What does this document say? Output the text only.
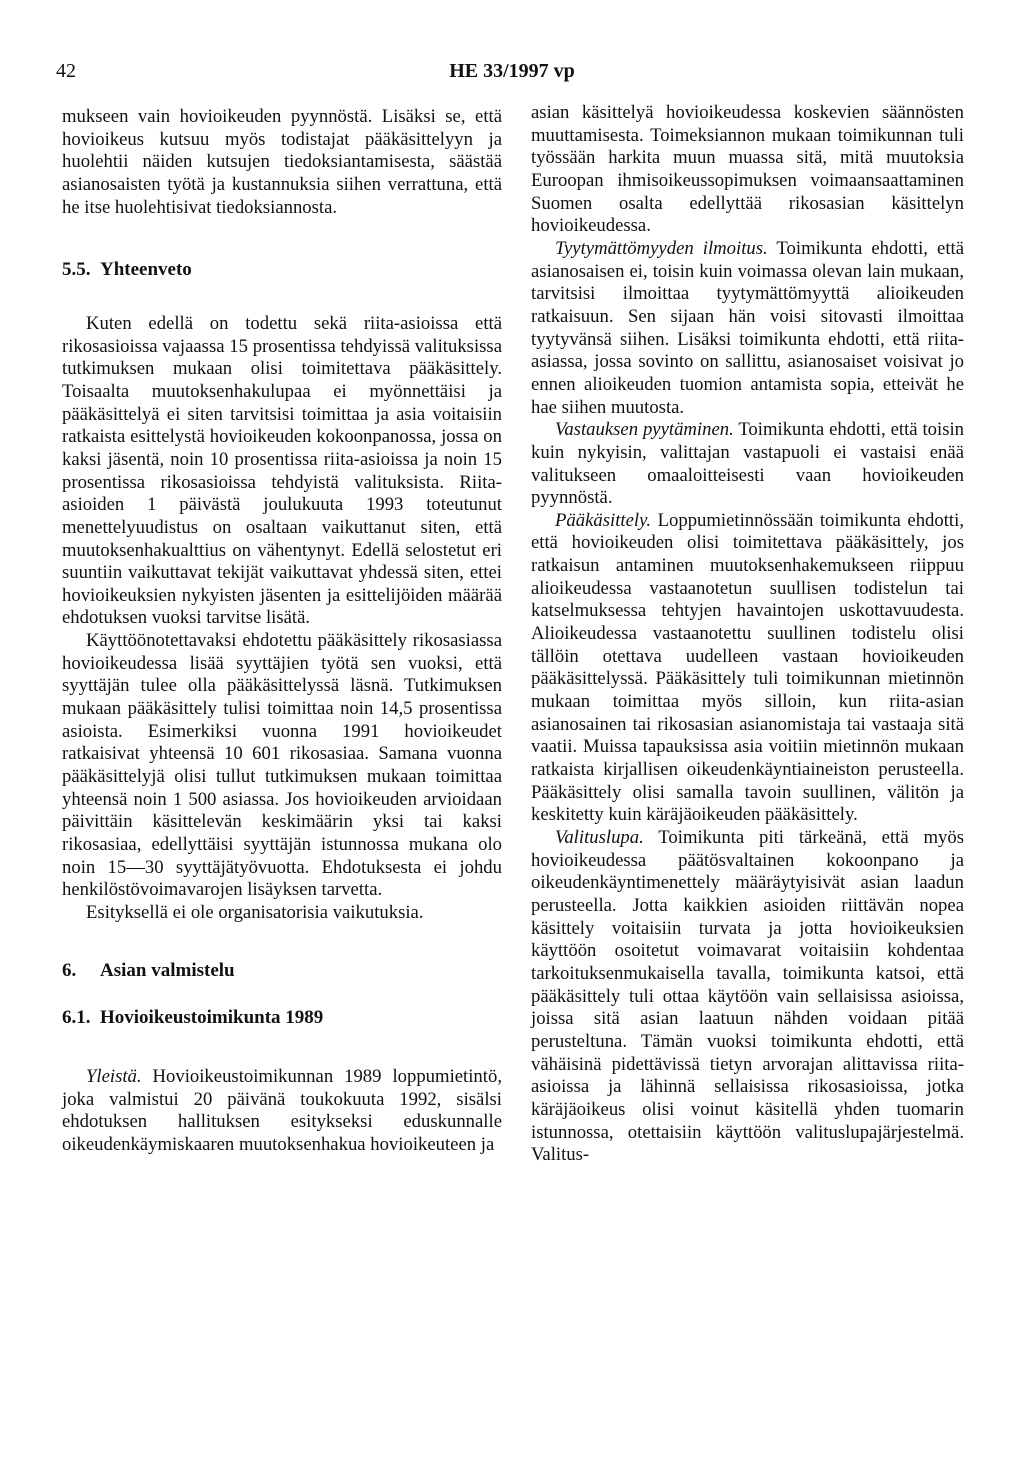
42	HE 33/1997 vp

mukseen vain hovioikeuden pyynnöstä. Lisäksi se, että hovioikeus kutsuu myös todistajat pääkäsittelyyn ja huolehtii näiden kutsujen tiedoksiantamisesta, säästää asianosaisten työtä ja kustannuksia siihen verrattuna, että he itse huolehtisivat tiedoksiannosta.

5.5. Yhteenveto

Kuten edellä on todettu sekä riita-asioissa että rikosasioissa vajaassa 15 prosentissa tehdyissä valituksissa tutkimuksen mukaan olisi toimitettava pääkäsittely. Toisaalta muutoksenhakulupaa ei myönnettäisi ja pääkäsittelyä ei siten tarvitsisi toimittaa ja asia voitaisiin ratkaista esittelystä hovioikeuden kokoonpanossa, jossa on kaksi jäsentä, noin 10 prosentissa riita-asioissa ja noin 15 prosentissa rikosasioissa tehdyistä valituksista. Riita-asioiden 1 päivästä joulukuuta 1993 toteutunut menettelyuudistus on osaltaan vaikuttanut siten, että muutoksenhakualttius on vähentynyt. Edellä selostetut eri suuntiin vaikuttavat tekijät vaikuttavat yhdessä siten, ettei hovioikeuksien nykyisten jäsenten ja esittelijöiden määrää ehdotuksen vuoksi tarvitse lisätä.

Käyttöönotettavaksi ehdotettu pääkäsittely rikosasiassa hovioikeudessa lisää syyttäjien työtä sen vuoksi, että syyttäjän tulee olla pääkäsittelyssä läsnä. Tutkimuksen mukaan pääkäsittely tulisi toimittaa noin 14,5 prosentissa asioista. Esimerkiksi vuonna 1991 hovioikeudet ratkaisivat yhteensä 10 601 rikosasiaa. Samana vuonna pääkäsittelyjä olisi tullut tutkimuksen mukaan toimittaa yhteensä noin 1 500 asiassa. Jos hovioikeuden arvioidaan päivittäin käsittelevän keskimäärin yksi tai kaksi rikosasiaa, edellyttäisi syyttäjän istunnossa mukana olo noin 15—30 syyttäjätyövuotta. Ehdotuksesta ei johdu henkilöstövoimavarojen lisäyksen tarvetta.

Esityksellä ei ole organisatorisia vaikutuksia.

6. Asian valmistelu

6.1. Hovioikeustoimikunta 1989

Yleistä. Hovioikeustoimikunnan 1989 loppumietintö, joka valmistui 20 päivänä toukokuuta 1992, sisälsi ehdotuksen hallituksen esitykseksi eduskunnalle oikeudenkäymiskaaren muutoksenhakua hovioikeuteen ja

asian käsittelyä hovioikeudessa koskevien säännösten muuttamisesta. Toimeksiannon mukaan toimikunnan tuli työssään harkita muun muassa sitä, mitä muutoksia Euroopan ihmisoikeussopimuksen voimaansaattaminen Suomen osalta edellyttää rikosasian käsittelyn hovioikeudessa.

Tyytymättömyyden ilmoitus. Toimikunta ehdotti, että asianosaisen ei, toisin kuin voimassa olevan lain mukaan, tarvitsisi ilmoittaa tyytymättömyyttä alioikeuden ratkaisuun. Sen sijaan hän voisi sitovasti ilmoittaa tyytyvänsä siihen. Lisäksi toimikunta ehdotti, että riita-asiassa, jossa sovinto on sallittu, asianosaiset voisivat jo ennen alioikeuden tuomion antamista sopia, etteivät he hae siihen muutosta.

Vastauksen pyytäminen. Toimikunta ehdotti, että toisin kuin nykyisin, valittajan vastapuoli ei vastaisi enää valitukseen omaaloitteisesti vaan hovioikeuden pyynnöstä.

Pääkäsittely. Loppumietinnössään toimikunta ehdotti, että hovioikeuden olisi toimitettava pääkäsittely, jos ratkaisun antaminen muutoksenhakemukseen riippuu alioikeudessa vastaanotetun suullisen todistelun tai katselmuksessa tehtyjen havaintojen uskottavuudesta. Alioikeudessa vastaanotettu suullinen todistelu olisi tällöin otettava uudelleen vastaan hovioikeuden pääkäsittelyssä. Pääkäsittely tuli toimikunnan mietinnön mukaan toimittaa myös silloin, kun riita-asian asianosainen tai rikosasian asianomistaja tai vastaaja sitä vaatii. Muissa tapauksissa asia voitiin mietinnön mukaan ratkaista kirjallisen oikeudenkäyntiaineiston perusteella. Pääkäsittely olisi samalla tavoin suullinen, välitön ja keskitetty kuin käräjäoikeuden pääkäsittely.

Valituslupa. Toimikunta piti tärkeänä, että myös hovioikeudessa päätösvaltainen kokoonpano ja oikeudenkäyntimenettely määräytyisivät asian laadun perusteella. Jotta kaikkien asioiden riittävän nopea käsittely voitaisiin turvata ja jotta hovioikeuksien käyttöön osoitetut voimavarat voitaisiin kohdentaa tarkoituksenmukaisella tavalla, toimikunta katsoi, että pääkäsittely tuli ottaa käytöön vain sellaisissa asioissa, joissa sitä asian laatuun nähden voidaan pitää perusteltuna. Tämän vuoksi toimikunta ehdotti, että vähäisinä pidettävissä tietyn arvorajan alittavissa riita-asioissa ja lähinnä sellaisissa rikosasioissa, jotka käräjäoikeus olisi voinut käsitellä yhden tuomarin istunnossa, otettaisiin käyttöön valituslupajärjestelmä. Valitus-
